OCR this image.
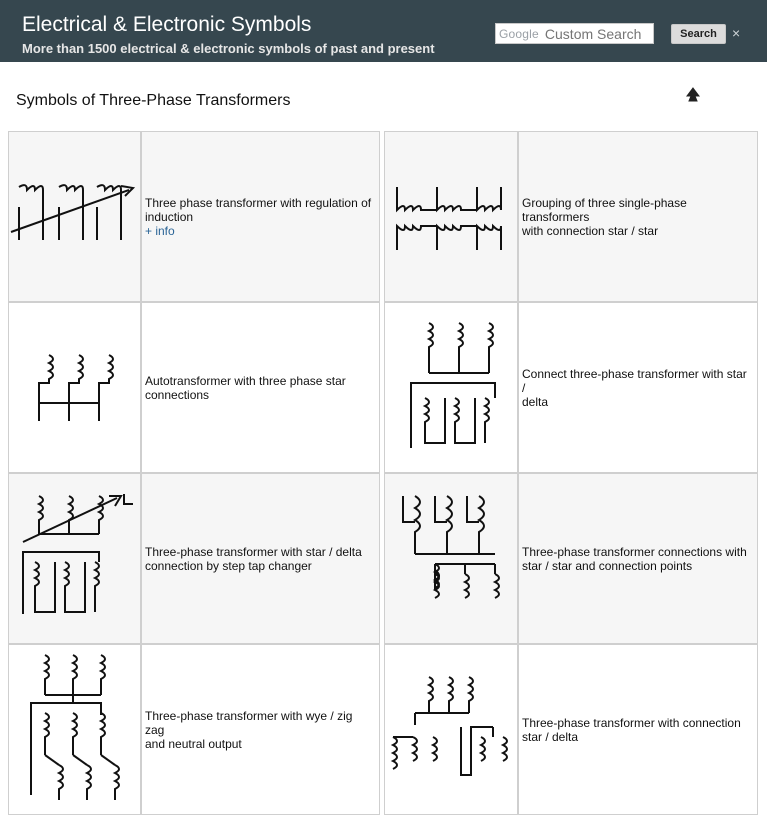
Electrical & Electronic Symbols
More than 1500 electrical & electronic symbols of past and present
Google
Custom Search	Search	×
Symbols of Three-Phase Transformers
Three phase transformer with regulation of
induction
+ info
Grouping of three single-phase
transformers
with connection star / star
Autotransformer with three phase star
connections
Connect three-phase transformer with star /
delta
Three-phase transformer with star / delta
connection by step tap changer
Three-phase transformer connections with
star / star and connection points
Three-phase transformer with wye / zig zag
and neutral output
Three-phase transformer with connection
star / delta
